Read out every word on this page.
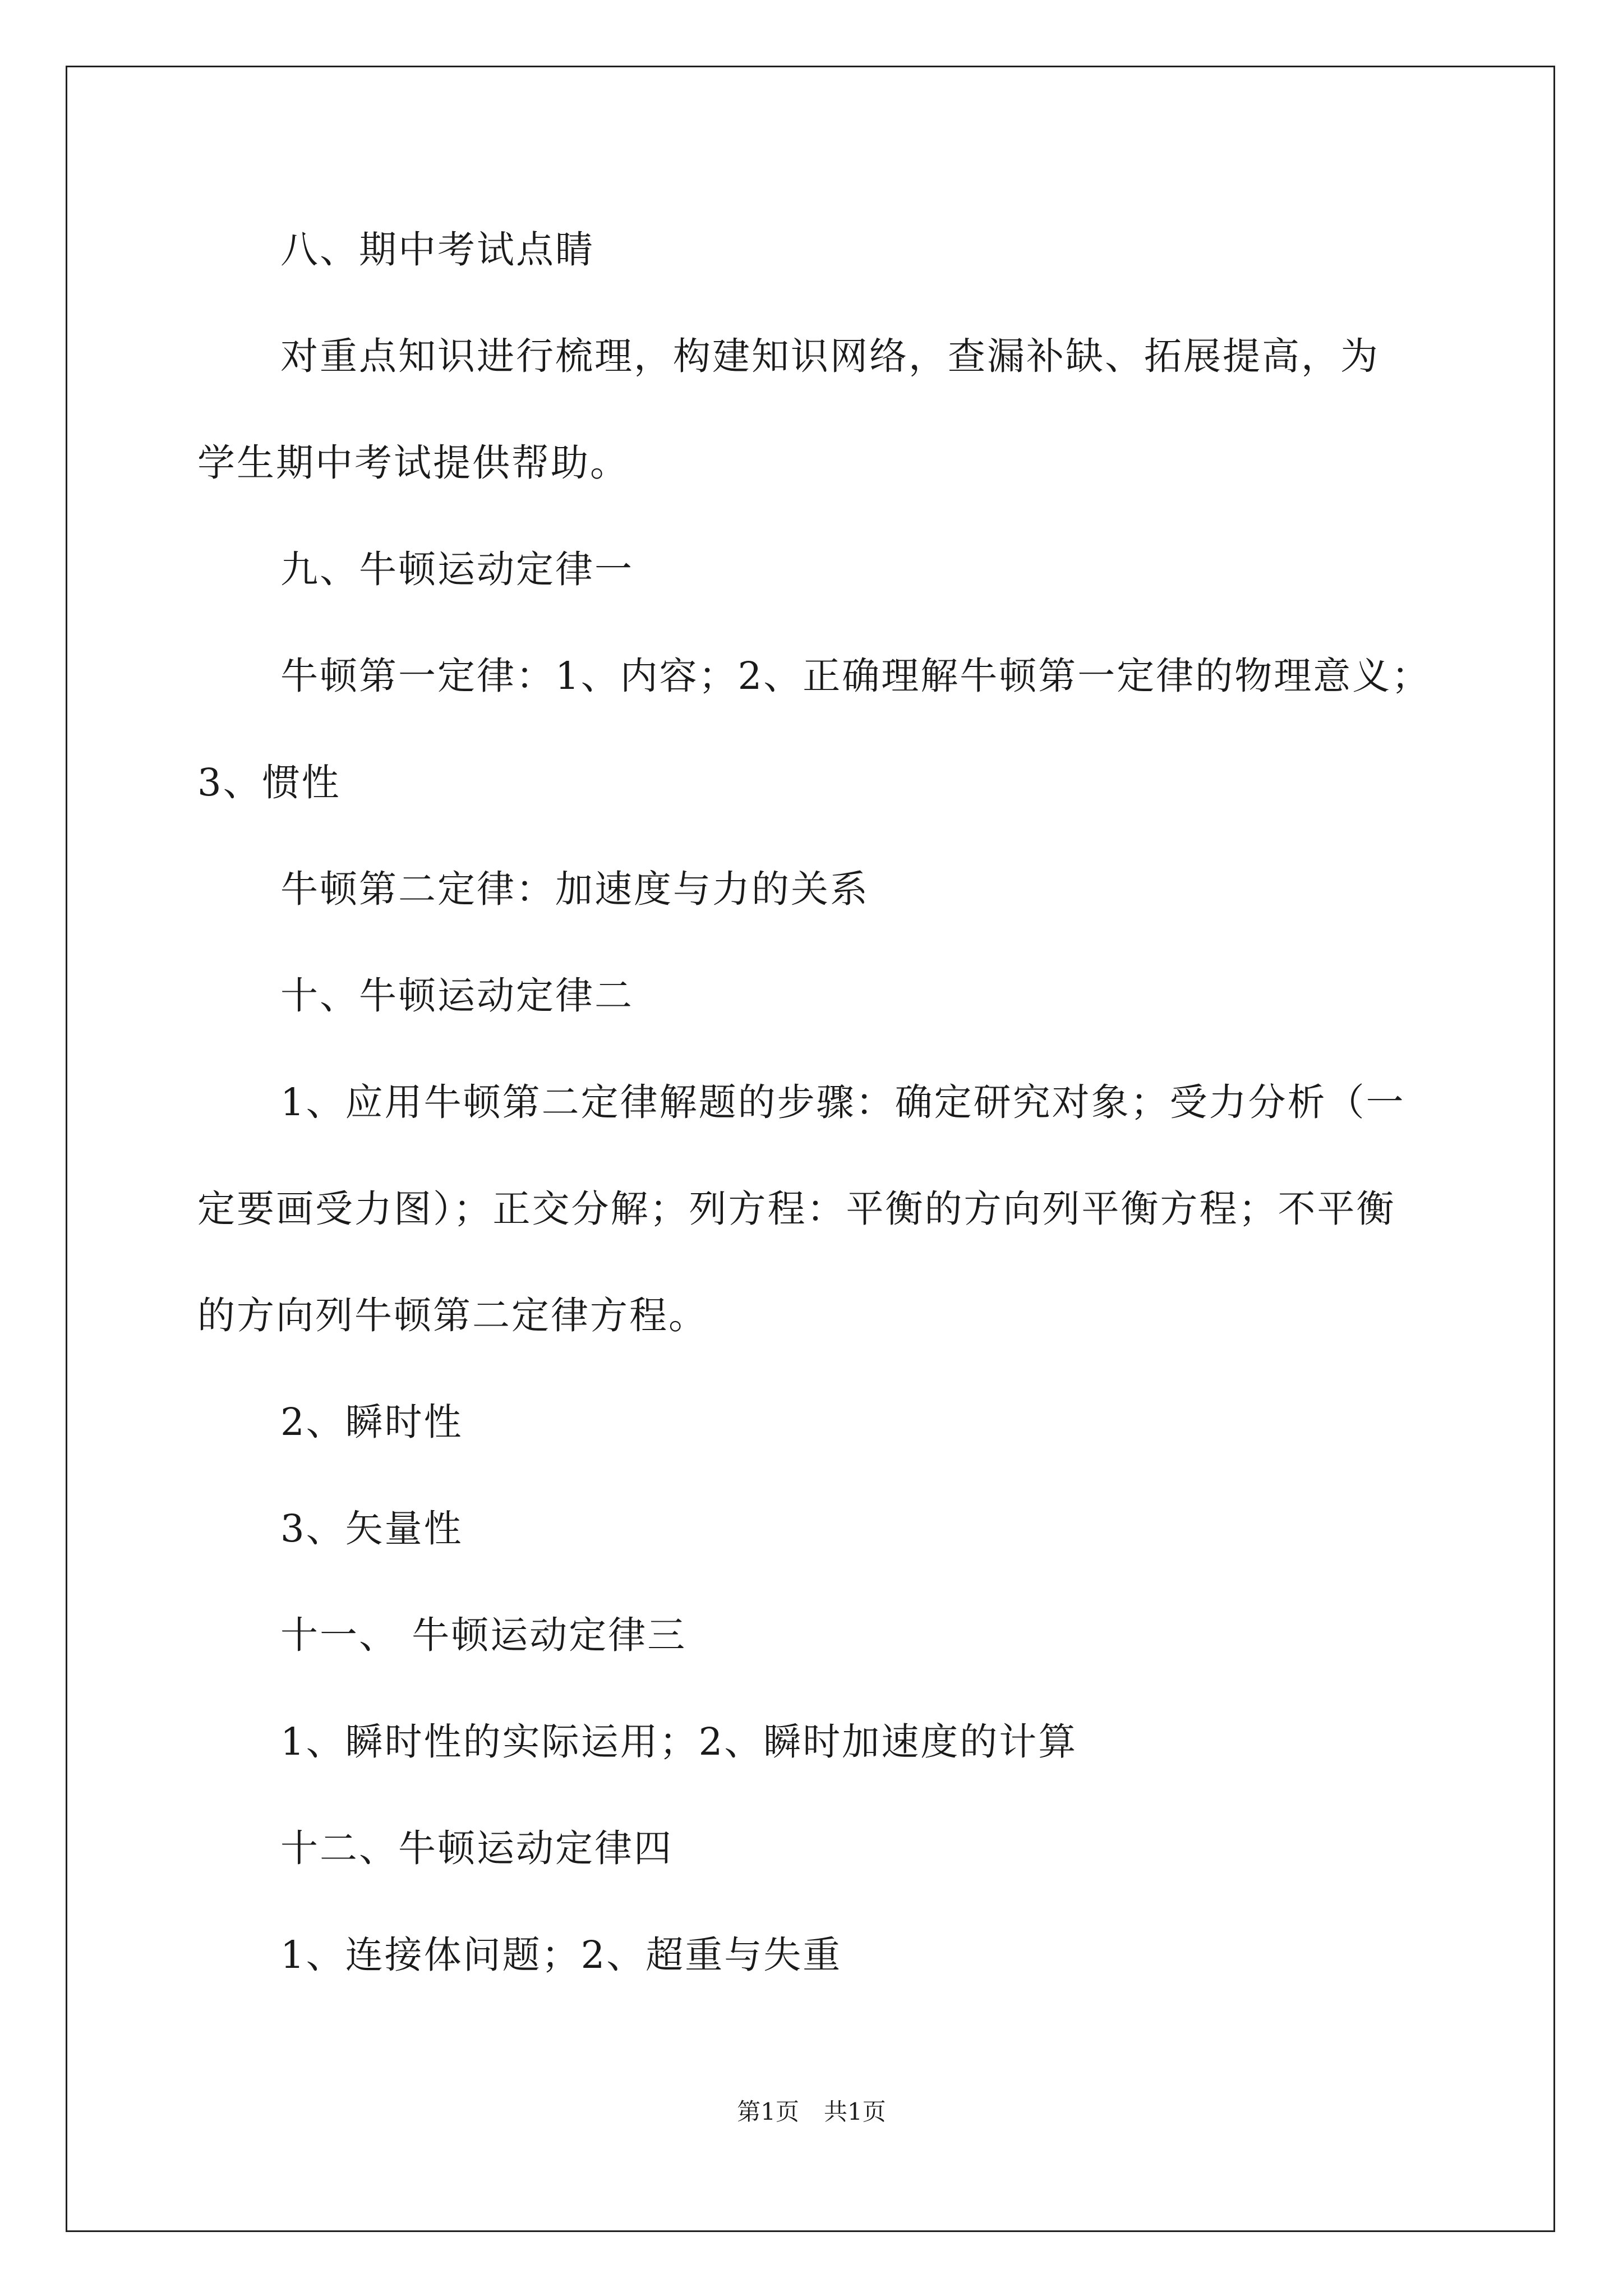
八、期中考试点睛
对重点知识进行梳理，构建知识网络，查漏补缺、拓展提高，为
学生期中考试提供帮助。
九、牛顿运动定律一
牛顿第一定律：1、内容；2、正确理解牛顿第一定律的物理意义；
3、惯性
牛顿第二定律：加速度与力的关系
十、牛顿运动定律二
1、应用牛顿第二定律解题的步骤：确定研究对象；受力分析（一
定要画受力图）；正交分解；列方程：平衡的方向列平衡方程；不平衡
的方向列牛顿第二定律方程。
2、瞬时性
3、矢量性
十一、 牛顿运动定律三
1、瞬时性的实际运用；2、瞬时加速度的计算
十二、牛顿运动定律四
1、连接体问题；2、超重与失重
第1页 共1页
